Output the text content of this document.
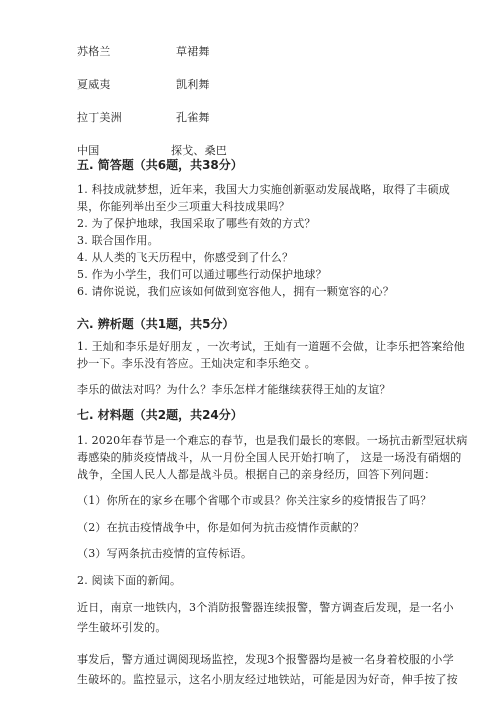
苏格兰	草裙舞
夏威夷	凯利舞
拉丁美洲	孔雀舞
中国	探戈、桑巴
五. 简答题（共6题，共38分）
1. 科技成就梦想，近年来，我国大力实施创新驱动发展战略，取得了丰硕成
果，你能列举出至少三项重大科技成果吗？
2. 为了保护地球，我国采取了哪些有效的方式？
3. 联合国作用。
4. 从人类的飞天历程中，你感受到了什么？
5. 作为小学生，我们可以通过哪些行动保护地球？
6. 请你说说，我们应该如何做到宽容他人，拥有一颗宽容的心？
六. 辨析题（共1题，共5分）
1. 王灿和李乐是好朋友 ，一次考试，王灿有一道题不会做，让李乐把答案给他
抄一下。李乐没有答应。王灿决定和李乐绝交 。
李乐的做法对吗？为什么？李乐怎样才能继续获得王灿的友谊？
七. 材料题（共2题，共24分）
1. 2020年春节是一个难忘的春节，也是我们最长的寒假。一场抗击新型冠状病
毒感染的肺炎疫情战斗，从一月份全国人民开始打响了， 这是一场没有硝烟的
战争，全国人民人人都是战斗员。根据自己的亲身经历，回答下列问题：
（1）你所在的家乡在哪个省哪个市或县？你关注家乡的疫情报告了吗？
（2）在抗击疫情战争中，你是如何为抗击疫情作贡献的？
（3）写两条抗击疫情的宣传标语。
2. 阅读下面的新闻。
近日，南京一地铁内，3个消防报警器连续报警，警方调查后发现，是一名小
学生破坏引发的。
事发后，警方通过调阅现场监控，发现3个报警器均是被一名身着校服的小学
生破坏的。监控显示，这名小朋友经过地铁站，可能是因为好奇，伸手按了按
